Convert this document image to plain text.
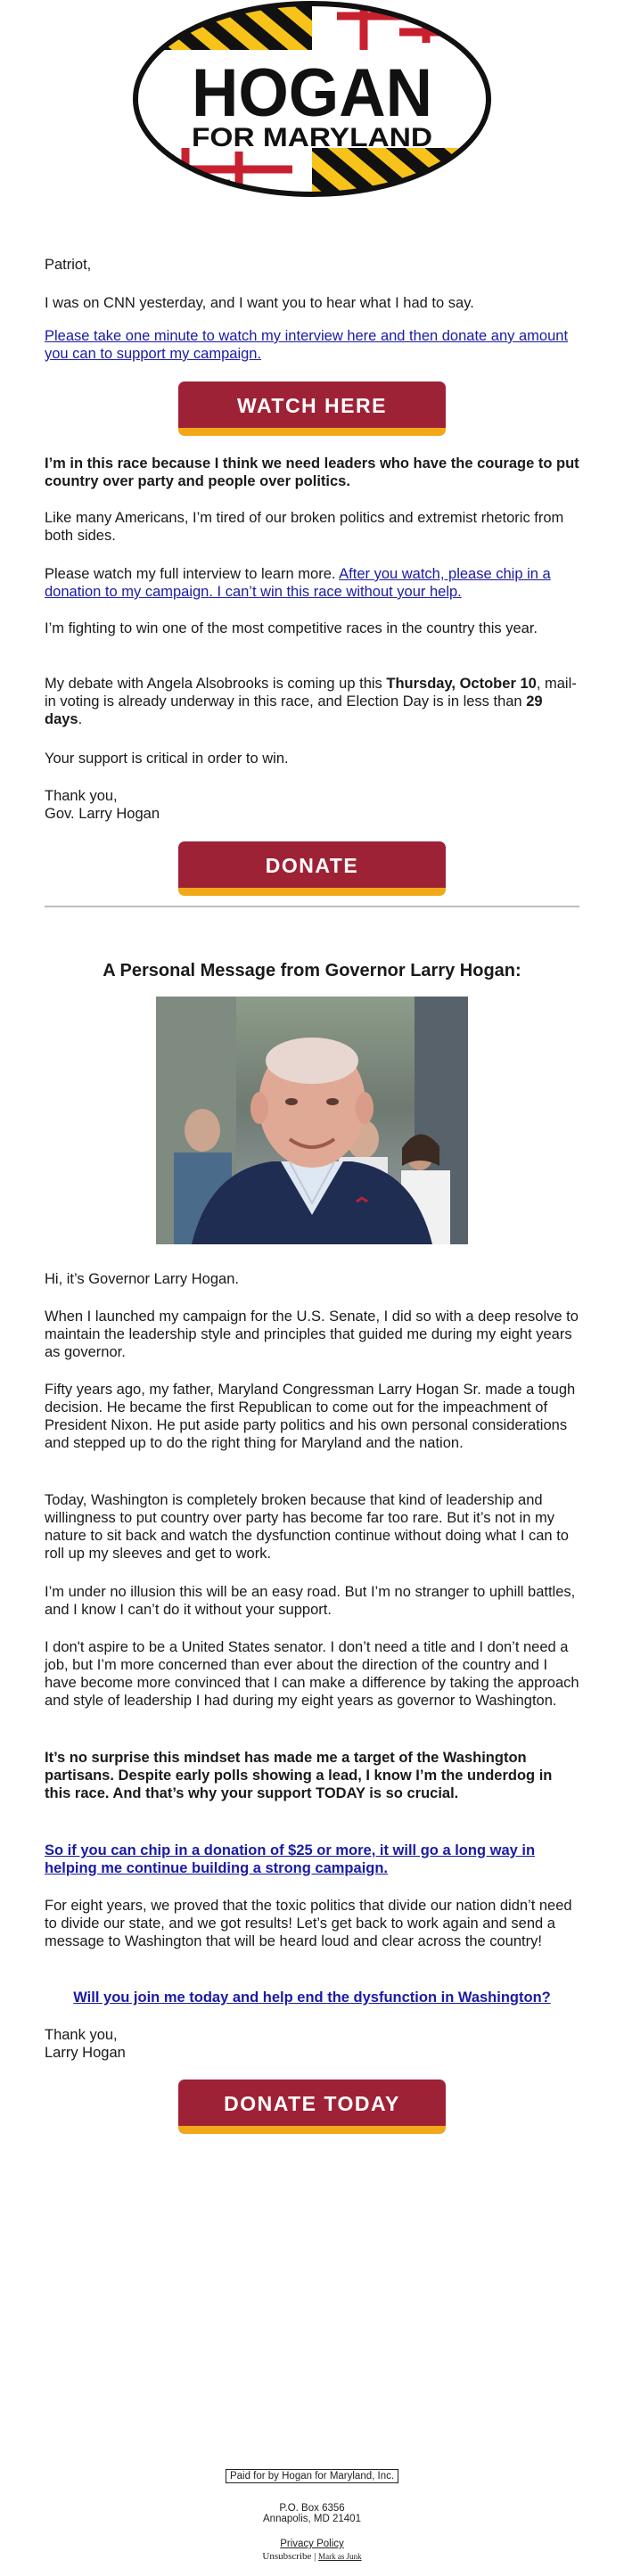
HOGAN
FOR MARYLAND

Patriot,

I was on CNN yesterday, and I want you to hear what I had to say.

Please take one minute to watch my interview here and then donate any amount you can to support my campaign.

WATCH HERE

I’m in this race because I think we need leaders who have the courage to put country over party and people over politics.

Like many Americans, I’m tired of our broken politics and extremist rhetoric from both sides.

Please watch my full interview to learn more. After you watch, please chip in a donation to my campaign. I can’t win this race without your help.

I’m fighting to win one of the most competitive races in the country this year.

My debate with Angela Alsobrooks is coming up this Thursday, October 10, mail-in voting is already underway in this race, and Election Day is in less than 29 days.

Your support is critical in order to win.

Thank you,

Gov. Larry Hogan

DONATE
A Personal Message from Governor Larry Hogan:

Hi, it’s Governor Larry Hogan.

When I launched my campaign for the U.S. Senate, I did so with a deep resolve to maintain the leadership style and principles that guided me during my eight years as governor.

Fifty years ago, my father, Maryland Congressman Larry Hogan Sr. made a tough decision. He became the first Republican to come out for the impeachment of President Nixon. He put aside party politics and his own personal considerations and stepped up to do the right thing for Maryland and the nation.

Today, Washington is completely broken because that kind of leadership and willingness to put country over party has become far too rare. But it’s not in my nature to sit back and watch the dysfunction continue without doing what I can to roll up my sleeves and get to work.

I’m under no illusion this will be an easy road. But I’m no stranger to uphill battles, and I know I can’t do it without your support.

I don't aspire to be a United States senator. I don’t need a title and I don’t need a job, but I’m more concerned than ever about the direction of the country and I have become more convinced that I can make a difference by taking the approach and style of leadership I had during my eight years as governor to Washington.

It’s no surprise this mindset has made me a target of the Washington partisans. Despite early polls showing a lead, I know I’m the underdog in this race. And that’s why your support TODAY is so crucial.

So if you can chip in a donation of $25 or more, it will go a long way in helping me continue building a strong campaign.

For eight years, we proved that the toxic politics that divide our nation didn’t need to divide our state, and we got results! Let’s get back to work again and send a message to Washington that will be heard loud and clear across the country!

Will you join me today and help end the dysfunction in Washington?

Thank you,

Larry Hogan

DONATE TODAY
Paid for by Hogan for Maryland, Inc.
P.O. Box 6356
Annapolis, MD 21401
Privacy Policy
Unsubscribe | Mark as Junk
